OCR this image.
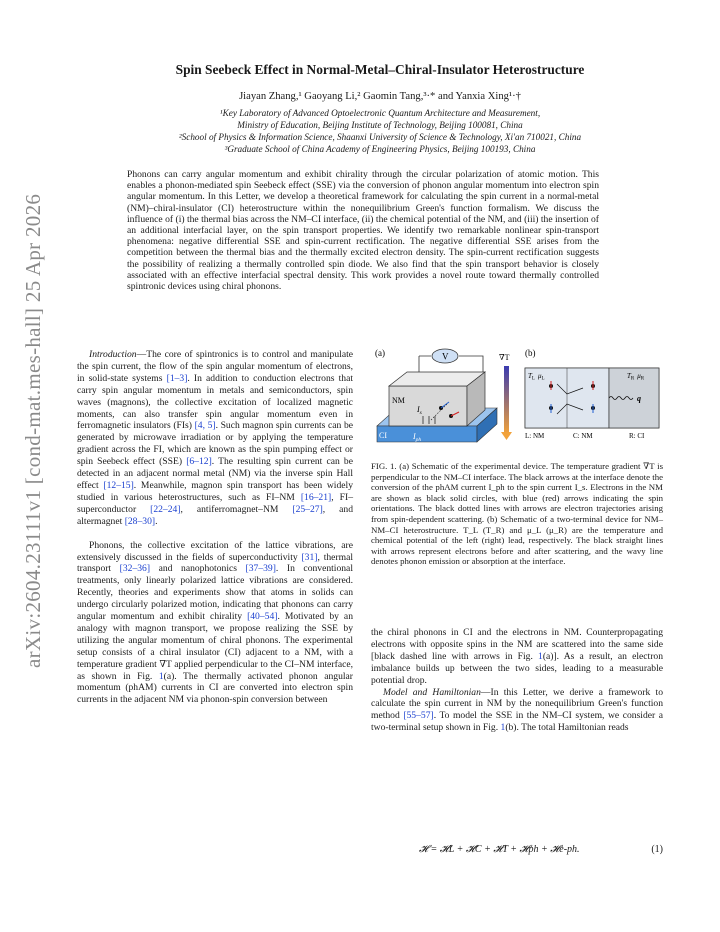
arXiv:2604.23111v1 [cond-mat.mes-hall] 25 Apr 2026
Spin Seebeck Effect in Normal-Metal–Chiral-Insulator Heterostructure
Jiayan Zhang,¹ Gaoyang Li,² Gaomin Tang,³·* and Yanxia Xing¹·†
¹Key Laboratory of Advanced Optoelectronic Quantum Architecture and Measurement,
Ministry of Education, Beijing Institute of Technology, Beijing 100081, China
²School of Physics & Information Science, Shaanxi University of Science & Technology, Xi'an 710021, China
³Graduate School of China Academy of Engineering Physics, Beijing 100193, China
Phonons can carry angular momentum and exhibit chirality through the circular polarization of atomic motion. This enables a phonon-mediated spin Seebeck effect (SSE) via the conversion of phonon angular momentum into electron spin angular momentum. In this Letter, we develop a theoretical framework for calculating the spin current in a normal-metal (NM)–chiral-insulator (CI) heterostructure within the nonequilibrium Green's function formalism. We discuss the influence of (i) the thermal bias across the NM–CI interface, (ii) the chemical potential of the NM, and (iii) the insertion of an additional interfacial layer, on the spin transport properties. We identify two remarkable nonlinear spin-transport phenomena: negative differential SSE and spin-current rectification. The negative differential SSE arises from the competition between the thermal bias and the thermally excited electron density. The spin-current rectification suggests the possibility of realizing a thermally controlled spin diode. We also find that the spin transport behavior is closely associated with an effective interfacial spectral density. This work provides a novel route toward thermally controlled spintronic devices using chiral phonons.

Introduction—The core of spintronics is to control and manipulate the spin current, the flow of the spin angular momentum of electrons, in solid-state systems [1–3]. In addition to conduction electrons that carry spin angular momentum in metals and semiconductors, spin waves (magnons), the collective excitation of localized magnetic moments, can also transfer spin angular momentum even in ferromagnetic insulators (FIs) [4, 5]. Such magnon spin currents can be generated by microwave irradiation or by applying the temperature gradient across the FI, which are known as the spin pumping effect or spin Seebeck effect (SSE) [6–12]. The resulting spin current can be detected in an adjacent normal metal (NM) via the inverse spin Hall effect [12–15]. Meanwhile, magnon spin transport has been widely studied in various heterostructures, such as FI–NM [16–21], FI–superconductor [22–24], antiferromagnet–NM [25–27], and altermagnet [28–30].

Phonons, the collective excitation of the lattice vibrations, are extensively discussed in the fields of superconductivity [31], thermal transport [32–36] and nanophotonics [37–39]. In conventional treatments, only linearly polarized lattice vibrations are considered. Recently, theories and experiments show that atoms in solids can undergo circularly polarized motion, indicating that phonons can carry angular momentum and exhibit chirality [40–54]. Motivated by an analogy with magnon transport, we propose realizing the SSE by utilizing the angular momentum of chiral phonons. The experimental setup consists of a chiral insulator (CI) adjacent to a NM, with a temperature gradient ∇T applied perpendicular to the CI–NM interface, as shown in Fig. 1(a). The thermally activated phonon angular momentum (phAM) currents in CI are converted into electron spin currents in the adjacent NM via phonon-spin conversion between

(a)	V
NM
CI
$I_s$
$I_{ph}$
∇T (b)
$T_L$ $\mu_L$	$T_R$ $\mu_R$
q
L: NM	C: NM	R: CI
FIG. 1. (a) Schematic of the experimental device. The temperature gradient ∇T is perpendicular to the NM–CI interface. The black arrows at the interface denote the conversion of the phAM current I_ph to the spin current I_s. Electrons in the NM are shown as black solid circles, with blue (red) arrows indicating the spin orientations. The black dotted lines with arrows are electron trajectories arising from spin-dependent scattering. (b) Schematic of a two-terminal device for NM–NM–CI heterostructure. T_L (T_R) and μ_L (μ_R) are the temperature and chemical potential of the left (right) lead, respectively. The black straight lines with arrows represent electrons before and after scattering, and the wavy line denotes phonon emission or absorption at the interface.

the chiral phonons in CI and the electrons in NM. Counterpropagating electrons with opposite spins in the NM are scattered into the same side [black dashed line with arrows in Fig. 1(a)]. As a result, an electron imbalance builds up between the two sides, leading to a measurable potential drop.

Model and Hamiltonian—In this Letter, we derive a framework to calculate the spin current in NM by the nonequilibrium Green's function method [55–57]. To model the SSE in the NM–CI system, we consider a two-terminal setup shown in Fig. 1(b). The total Hamiltonian reads

𝓗 = 𝓗L + 𝓗C + 𝓗T + 𝓗ph + 𝓗e-ph.	(1)
